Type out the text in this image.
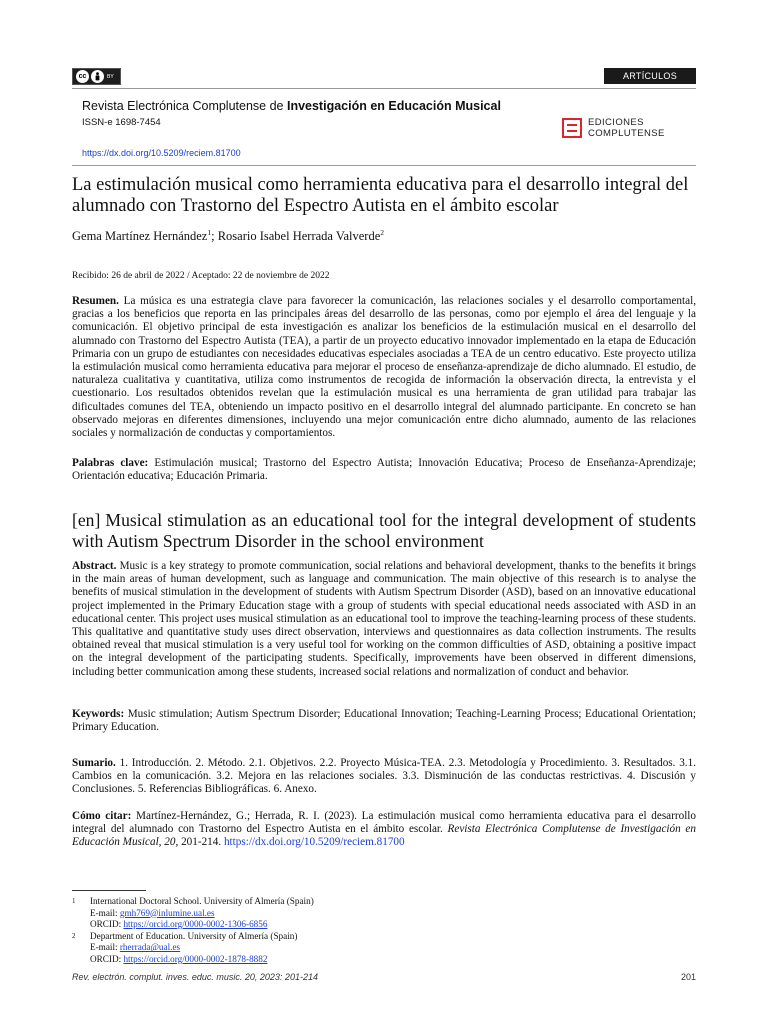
cc	BY	ARTÍCULOS
Revista Electrónica Complutense de Investigación en Educación Musical
ISSN-e 1698-7454
https://dx.doi.org/10.5209/reciem.81700
EDICIONES
COMPLUTENSE
La estimulación musical como herramienta educativa para el desarrollo integral del alumnado con Trastorno del Espectro Autista en el ámbito escolar
Gema Martínez Hernández$^1$; Rosario Isabel Herrada Valverde$^2$
Recibido: 26 de abril de 2022 / Aceptado: 22 de noviembre de 2022

Resumen. La música es una estrategia clave para favorecer la comunicación, las relaciones sociales y el desarrollo comportamental, gracias a los beneficios que reporta en las principales áreas del desarrollo de las personas, como por ejemplo el área del lenguaje y la comunicación. El objetivo principal de esta investigación es analizar los beneficios de la estimulación musical en el desarrollo del alumnado con Trastorno del Espectro Autista (TEA), a partir de un proyecto educativo innovador implementado en la etapa de Educación Primaria con un grupo de estudiantes con necesidades educativas especiales asociadas a TEA de un centro educativo. Este proyecto utiliza la estimulación musical como herramienta educativa para mejorar el proceso de enseñanza-aprendizaje de dicho alumnado. El estudio, de naturaleza cualitativa y cuantitativa, utiliza como instrumentos de recogida de información la observación directa, la entrevista y el cuestionario. Los resultados obtenidos revelan que la estimulación musical es una herramienta de gran utilidad para trabajar las dificultades comunes del TEA, obteniendo un impacto positivo en el desarrollo integral del alumnado participante. En concreto se han observado mejoras en diferentes dimensiones, incluyendo una mejor comunicación entre dicho alumnado, aumento de las relaciones sociales y normalización de conductas y comportamientos.

Palabras clave: Estimulación musical; Trastorno del Espectro Autista; Innovación Educativa; Proceso de Enseñanza-Aprendizaje; Orientación educativa; Educación Primaria.

[en] Musical stimulation as an educational tool for the integral development of students with Autism Spectrum Disorder in the school environment

Abstract. Music is a key strategy to promote communication, social relations and behavioral development, thanks to the benefits it brings in the main areas of human development, such as language and communication. The main objective of this research is to analyse the benefits of musical stimulation in the development of students with Autism Spectrum Disorder (ASD), based on an innovative educational project implemented in the Primary Education stage with a group of students with special educational needs associated with ASD in an educational center. This project uses musical stimulation as an educational tool to improve the teaching-learning process of these students. This qualitative and quantitative study uses direct observation, interviews and questionnaires as data collection instruments. The results obtained reveal that musical stimulation is a very useful tool for working on the common difficulties of ASD, obtaining a positive impact on the integral development of the participating students. Specifically, improvements have been observed in different dimensions, including better communication among these students, increased social relations and normalization of conduct and behavior.

Keywords: Music stimulation; Autism Spectrum Disorder; Educational Innovation; Teaching-Learning Process; Educational Orientation; Primary Education.

Sumario. 1. Introducción. 2. Método. 2.1. Objetivos. 2.2. Proyecto Música-TEA. 2.3. Metodología y Procedimiento. 3. Resultados. 3.1. Cambios en la comunicación. 3.2. Mejora en las relaciones sociales. 3.3. Disminución de las conductas restrictivas. 4. Discusión y Conclusiones. 5. Referencias Bibliográficas. 6. Anexo.

Cómo citar: Martínez-Hernández, G.; Herrada, R. I. (2023). La estimulación musical como herramienta educativa para el desarrollo integral del alumnado con Trastorno del Espectro Autista en el ámbito escolar. Revista Electrónica Complutense de Investigación en Educación Musical, 20, 201-214. https://dx.doi.org/10.5209/reciem.81700

1	International Doctoral School. University of Almería (Spain)
E-mail: gmh769@inlumine.ual.es
ORCID: https://orcid.org/0000-0002-1306-6856
2	Department of Education. University of Almería (Spain)
E-mail: rherrada@ual.es
ORCID: https://orcid.org/0000-0002-1878-8882
Rev. electrón. complut. inves. educ. music. 20, 2023: 201-214	201
